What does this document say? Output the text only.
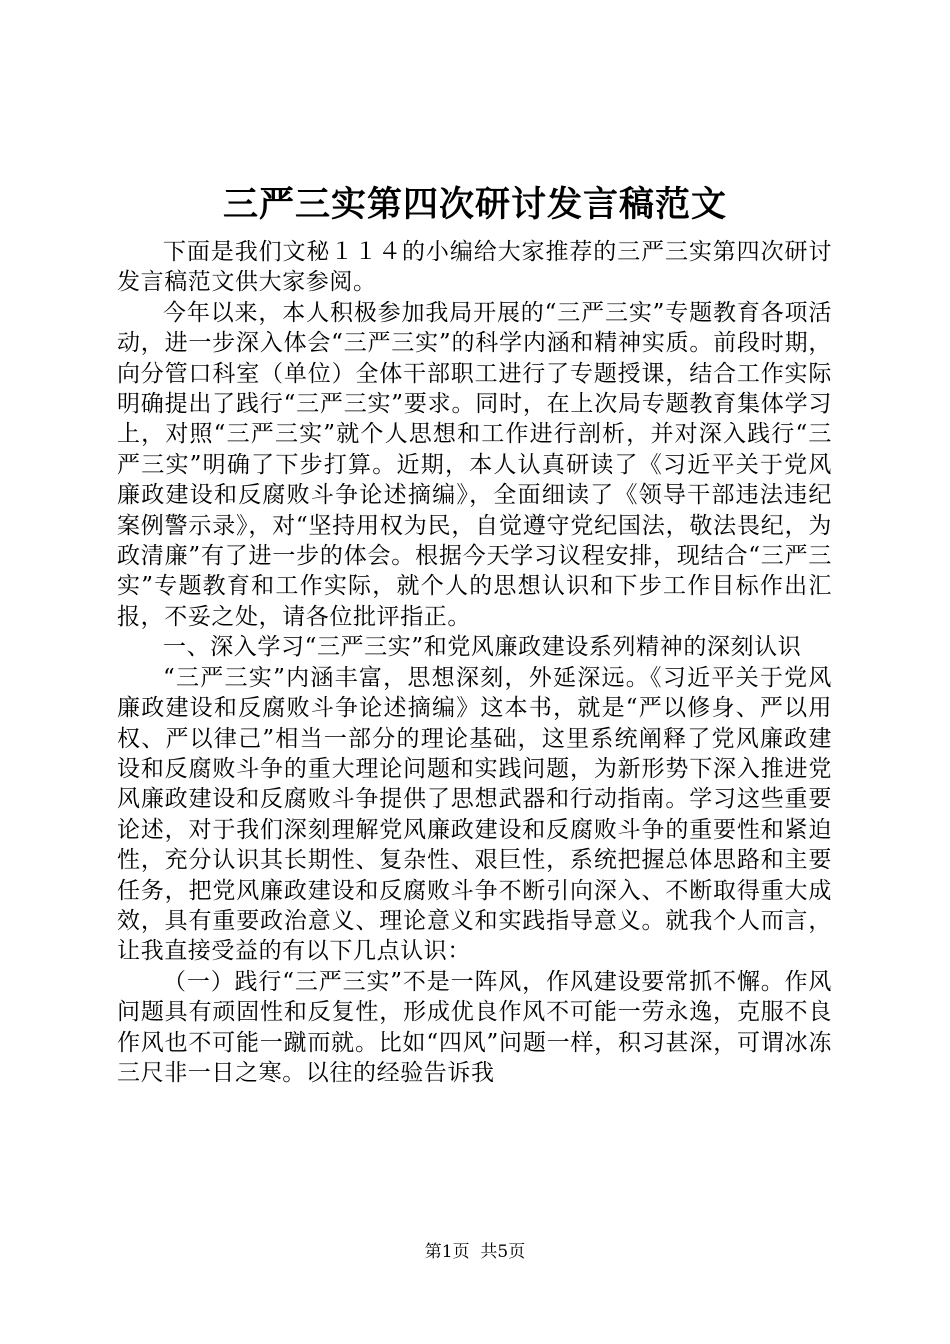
三严三实第四次研讨发言稿范文

下面是我们文秘１１４的小编给大家推荐的三严三实第四次研讨发言稿范文供大家参阅。

今年以来，本人积极参加我局开展的“三严三实”专题教育各项活动，进一步深入体会“三严三实”的科学内涵和精神实质。前段时期，向分管口科室（单位）全体干部职工进行了专题授课，结合工作实际明确提出了践行“三严三实”要求。同时，在上次局专题教育集体学习上，对照“三严三实”就个人思想和工作进行剖析，并对深入践行“三严三实”明确了下步打算。近期，本人认真研读了《习近平关于党风廉政建设和反腐败斗争论述摘编》，全面细读了《领导干部违法违纪案例警示录》，对“坚持用权为民，自觉遵守党纪国法，敬法畏纪，为政清廉”有了进一步的体会。根据今天学习议程安排，现结合“三严三实”专题教育和工作实际，就个人的思想认识和下步工作目标作出汇报，不妥之处，请各位批评指正。

一、深入学习“三严三实”和党风廉政建设系列精神的深刻认识

“三严三实”内涵丰富，思想深刻，外延深远。《习近平关于党风廉政建设和反腐败斗争论述摘编》这本书，就是“严以修身、严以用权、严以律己”相当一部分的理论基础，这里系统阐释了党风廉政建设和反腐败斗争的重大理论问题和实践问题，为新形势下深入推进党风廉政建设和反腐败斗争提供了思想武器和行动指南。学习这些重要论述，对于我们深刻理解党风廉政建设和反腐败斗争的重要性和紧迫性，充分认识其长期性、复杂性、艰巨性，系统把握总体思路和主要任务，把党风廉政建设和反腐败斗争不断引向深入、不断取得重大成效，具有重要政治意义、理论意义和实践指导意义。就我个人而言，让我直接受益的有以下几点认识：

（一）践行“三严三实”不是一阵风，作风建设要常抓不懈。作风问题具有顽固性和反复性，形成优良作风不可能一劳永逸，克服不良作风也不可能一蹴而就。比如“四风”问题一样，积习甚深，可谓冰冻三尺非一日之寒。以往的经验告诉我

第1页 共5页
